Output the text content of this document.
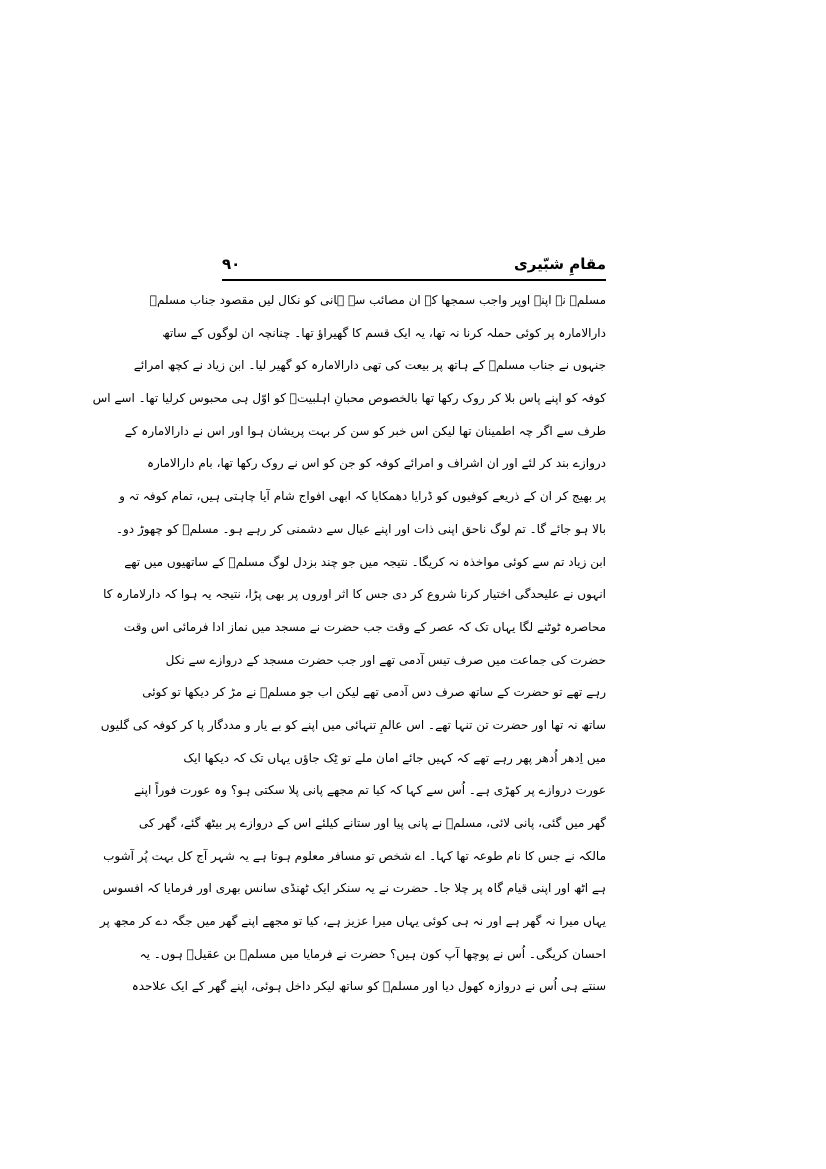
مقامِ شبّیری
۹۰
مسلمؑ نے اپنے اوپر واجب سمجھا کہ ان مصائب سے ہانی کو نکال لیں مقصود جناب مسلمؑ
دارالامارہ پر کوئی حملہ کرنا نہ تھا، یہ ایک قسم کا گھیراؤ تھا۔ چنانچہ ان لوگوں کے ساتھ
جنہوں نے جناب مسلمؑ کے ہاتھ پر بیعت کی تھی دارالامارہ کو گھیر لیا۔ ابن زیاد نے کچھ امرائے
کوفہ کو اپنے پاس بلا کر روک رکھا تھا بالخصوص محبانِ اہلبیتؑ کو اوّل ہی محبوس کرلیا تھا۔ اسے اس
طرف سے اگر چہ اطمینان تھا لیکن اس خبر کو سن کر بہت پریشان ہوا اور اس نے دارالامارہ کے
دروازے بند کر لئے اور ان اشراف و امرائے کوفہ کو جن کو اس نے روک رکھا تھا، بام دارالامارہ
پر بھیج کر ان کے ذریعے کوفیوں کو ڈرایا دھمکایا کہ ابھی افواج شام آیا چاہتی ہیں، تمام کوفہ تہ و
بالا ہو جائے گا۔ تم لوگ ناحق اپنی ذات اور اپنے عیال سے دشمنی کر رہے ہو۔ مسلمؑ کو چھوڑ دو۔
ابن زیاد تم سے کوئی مواخذہ نہ کریگا۔ نتیجہ میں جو چند بزدل لوگ مسلمؑ کے ساتھیوں میں تھے
انہوں نے علیحدگی اختیار کرنا شروع کر دی جس کا اثر اوروں پر بھی پڑا، نتیجہ یہ ہوا کہ دارلامارہ کا
محاصرہ ٹوٹنے لگا یہاں تک کہ عصر کے وقت جب حضرت نے مسجد میں نماز ادا فرمائی اس وقت
حضرت کی جماعت میں صرف تیس آدمی تھے اور جب حضرت مسجد کے دروازے سے نکل
رہے تھے تو حضرت کے ساتھ صرف دس آدمی تھے لیکن اب جو مسلمؑ نے مڑ کر دیکھا تو کوئی
ساتھ نہ تھا اور حضرت تن تنہا تھے۔ اس عالمِ تنہائی میں اپنے کو بے یار و مددگار پا کر کوفہ کی گلیوں
میں اِدھر اُدھر پھر رہے تھے کہ کہیں جائے امان ملے تو ٹِک جاؤں یہاں تک کہ دیکھا ایک
عورت دروازے پر کھڑی ہے۔ اُس سے کہا کہ کیا تم مجھے پانی پلا سکتی ہو؟ وہ عورت فوراً اپنے
گھر میں گئی، پانی لائی، مسلمؑ نے پانی پیا اور ستانے کیلئے اس کے دروازے پر بیٹھ گئے، گھر کی
مالکہ نے جس کا نام طوعہ تھا کہا۔ اے شخص تو مسافر معلوم ہوتا ہے یہ شہر آج کل بہت پُر آشوب
ہے اٹھ اور اپنی قیام گاہ پر چلا جا۔ حضرت نے یہ سنکر ایک ٹھنڈی سانس بھری اور فرمایا کہ افسوس
یہاں میرا نہ گھر ہے اور نہ ہی کوئی یہاں میرا عزیز ہے، کیا تو مجھے اپنے گھر میں جگہ دے کر مجھ پر
احسان کریگی۔ اُس نے پوچھا آپ کون ہیں؟ حضرت نے فرمایا میں مسلمؑ بن عقیلؑ ہوں۔ یہ
سنتے ہی اُس نے دروازہ کھول دیا اور مسلمؑ کو ساتھ لیکر داخل ہوئی، اپنے گھر کے ایک علاحدہ
